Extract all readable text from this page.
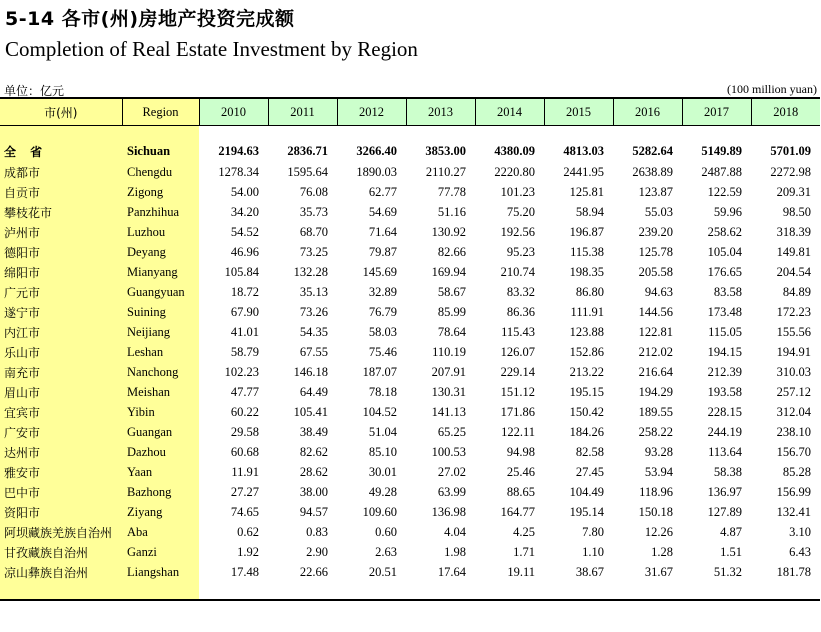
5-14 各市(州)房地产投资完成额
Completion of Real Estate Investment by Region
单位：亿元	(100 million yuan)
市(州)	Region	2010	2011	2012	2013	2014	2015	2016	2017	2018

全 省	Sichuan	2194.63	2836.71	3266.40	3853.00	4380.09	4813.03	5282.64	5149.89	5701.09
成都市	Chengdu	1278.34	1595.64	1890.03	2110.27	2220.80	2441.95	2638.89	2487.88	2272.98
自贡市	Zigong	54.00	76.08	62.77	77.78	101.23	125.81	123.87	122.59	209.31
攀枝花市	Panzhihua	34.20	35.73	54.69	51.16	75.20	58.94	55.03	59.96	98.50
泸州市	Luzhou	54.52	68.70	71.64	130.92	192.56	196.87	239.20	258.62	318.39
德阳市	Deyang	46.96	73.25	79.87	82.66	95.23	115.38	125.78	105.04	149.81
绵阳市	Mianyang	105.84	132.28	145.69	169.94	210.74	198.35	205.58	176.65	204.54
广元市	Guangyuan	18.72	35.13	32.89	58.67	83.32	86.80	94.63	83.58	84.89
遂宁市	Suining	67.90	73.26	76.79	85.99	86.36	111.91	144.56	173.48	172.23
内江市	Neijiang	41.01	54.35	58.03	78.64	115.43	123.88	122.81	115.05	155.56
乐山市	Leshan	58.79	67.55	75.46	110.19	126.07	152.86	212.02	194.15	194.91
南充市	Nanchong	102.23	146.18	187.07	207.91	229.14	213.22	216.64	212.39	310.03
眉山市	Meishan	47.77	64.49	78.18	130.31	151.12	195.15	194.29	193.58	257.12
宜宾市	Yibin	60.22	105.41	104.52	141.13	171.86	150.42	189.55	228.15	312.04
广安市	Guangan	29.58	38.49	51.04	65.25	122.11	184.26	258.22	244.19	238.10
达州市	Dazhou	60.68	82.62	85.10	100.53	94.98	82.58	93.28	113.64	156.70
雅安市	Yaan	11.91	28.62	30.01	27.02	25.46	27.45	53.94	58.38	85.28
巴中市	Bazhong	27.27	38.00	49.28	63.99	88.65	104.49	118.96	136.97	156.99
资阳市	Ziyang	74.65	94.57	109.60	136.98	164.77	195.14	150.18	127.89	132.41
阿坝藏族羌族自治州	Aba	0.62	0.83	0.60	4.04	4.25	7.80	12.26	4.87	3.10
甘孜藏族自治州	Ganzi	1.92	2.90	2.63	1.98	1.71	1.10	1.28	1.51	6.43
凉山彝族自治州	Liangshan	17.48	22.66	20.51	17.64	19.11	38.67	31.67	51.32	181.78
